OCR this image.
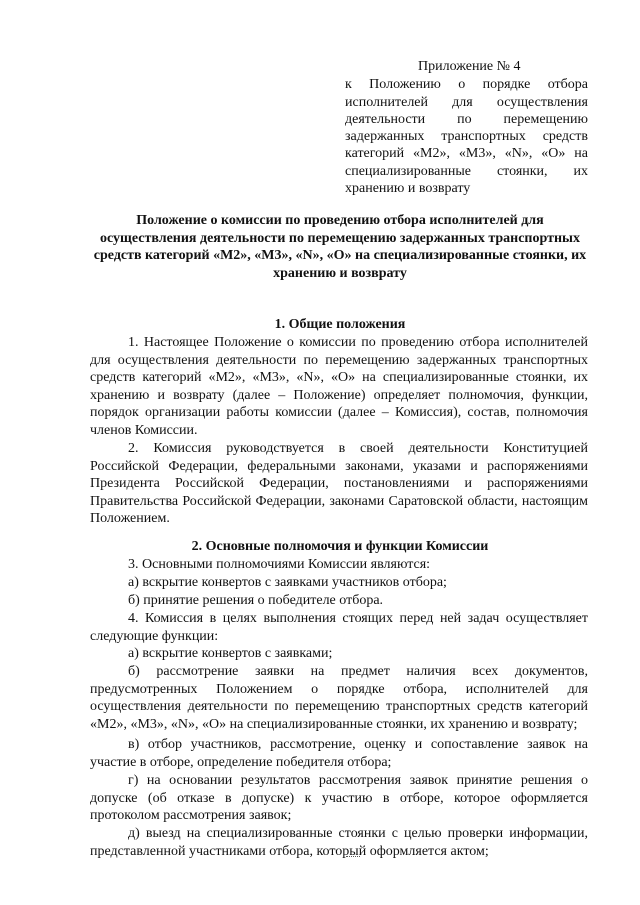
Приложение № 4
к Положению о порядке отбора исполнителей для осуществления деятельности по перемещению задержанных транспортных средств категорий «М2», «М3», «N», «О» на специализированные стоянки, их хранению и возврату
Положение о комиссии по проведению отбора исполнителей для осуществления деятельности по перемещению задержанных транспортных средств категорий «М2», «М3», «N», «О» на специализированные стоянки, их хранению и возврату
1. Общие положения
1. Настоящее Положение о комиссии по проведению отбора исполнителей для осуществления деятельности по перемещению задержанных транспортных средств категорий «М2», «М3», «N», «О» на специализированные стоянки, их хранению и возврату (далее – Положение) определяет полномочия, функции, порядок организации работы комиссии (далее – Комиссия), состав, полномочия членов Комиссии.
2. Комиссия руководствуется в своей деятельности Конституцией Российской Федерации, федеральными законами, указами и распоряжениями Президента Российской Федерации, постановлениями и распоряжениями Правительства Российской Федерации, законами Саратовской области, настоящим Положением.
2. Основные полномочия и функции Комиссии
3. Основными полномочиями Комиссии являются:
а) вскрытие конвертов с заявками участников отбора;
б) принятие решения о победителе отбора.
4. Комиссия в целях выполнения стоящих перед ней задач осуществляет следующие функции:
а) вскрытие конвертов с заявками;
б) рассмотрение заявки на предмет наличия всех документов, предусмотренных Положением о порядке отбора, исполнителей для осуществления деятельности по перемещению транспортных средств категорий «М2», «М3», «N», «О» на специализированные стоянки, их хранению и возврату;
в) отбор участников, рассмотрение, оценку и сопоставление заявок на участие в отборе, определение победителя отбора;
г) на основании результатов рассмотрения заявок принятие решения о допуске (об отказе в допуске) к участию в отборе, которое оформляется протоколом рассмотрения заявок;
д) выезд на специализированные стоянки с целью проверки информации, представленной участниками отбора, который оформляется актом;
